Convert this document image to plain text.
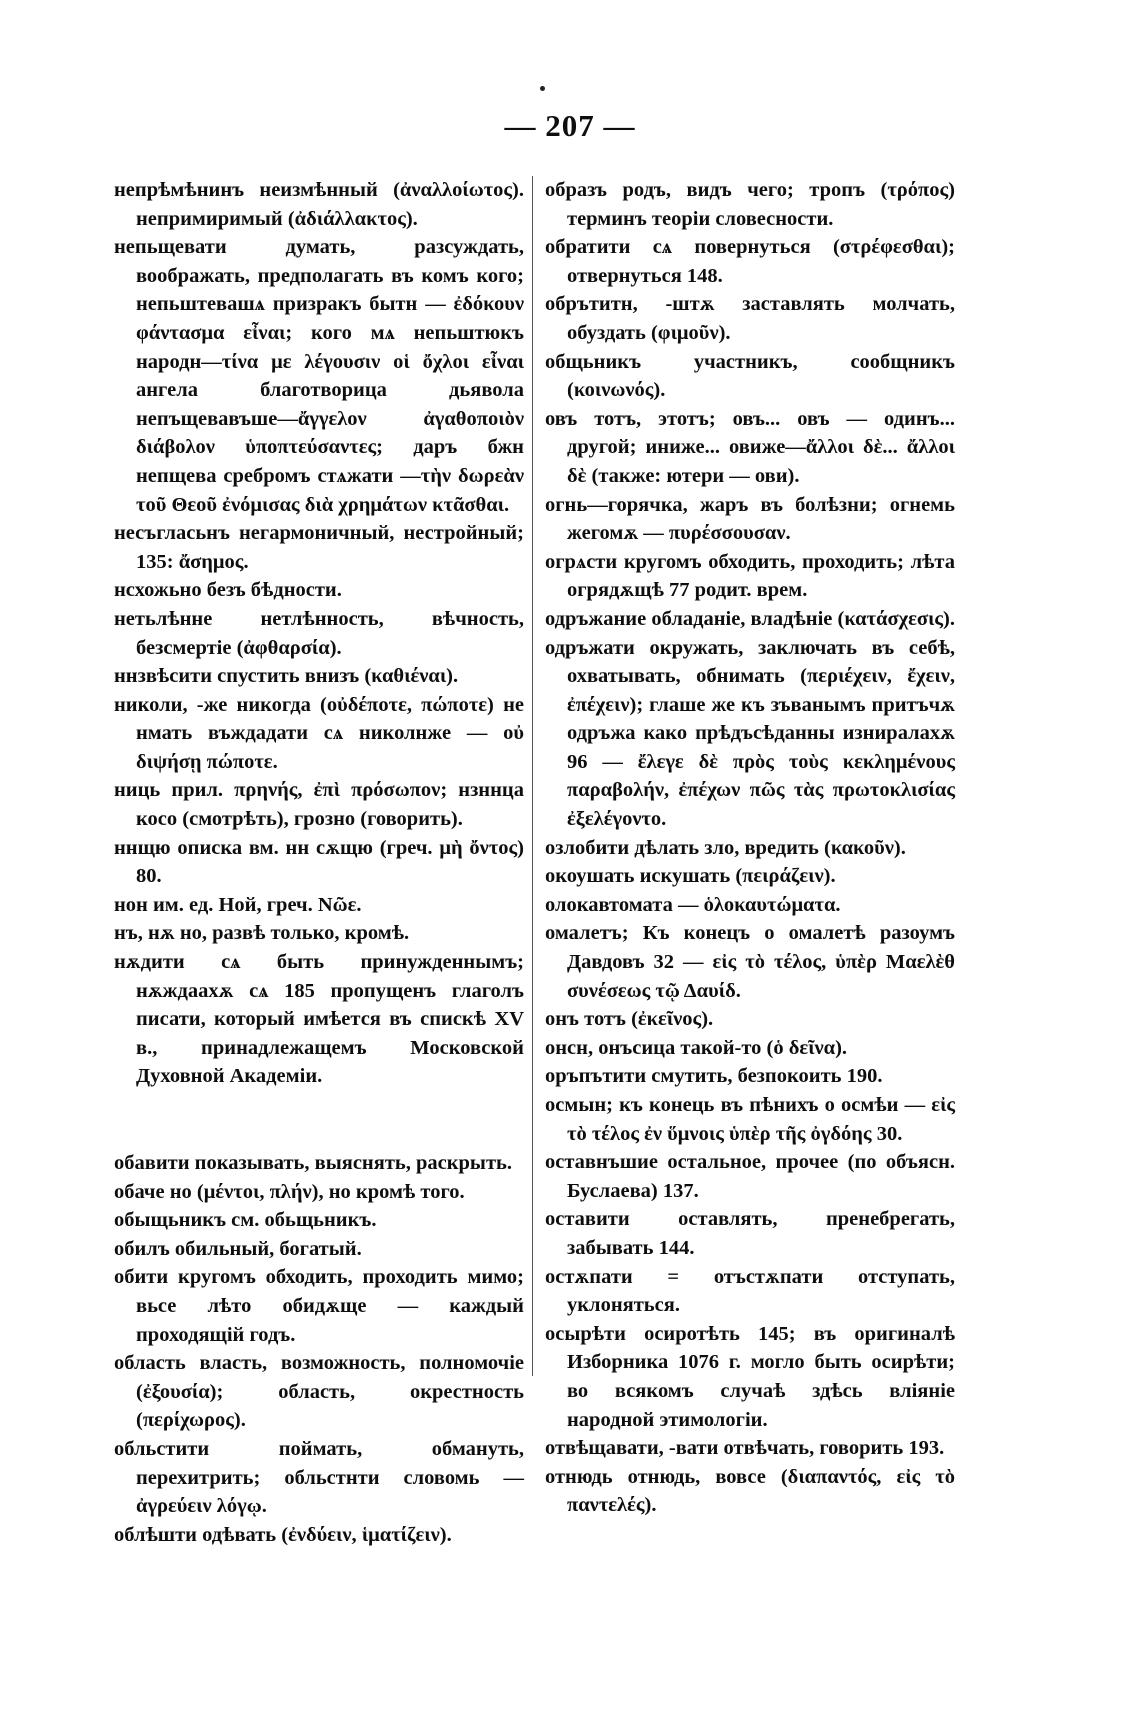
— 207 —

непрѣмѣнинъ неизмѣнный (ἀναλλοίωτος). непримиримый (ἀδιάλλακτος).

непьщевати думать, разсуждать, воображать, предполагать въ комъ кого; непьштевашѧ призракъ бытн — ἐδόκουν φάντασμα εἶναι; кого мѧ непьштюкъ народн—τίνα με λέγουσιν οἱ ὄχλοι εἶναι ангела благотворица дьявола непъщевавъше—ἄγγελον ἀγαθοποιὸν διάβολον ὑποπτεύσαντες; даръ бжн непщева сребромъ стѧжати —τὴν δωρεὰν τοῦ Θεοῦ ἐνόμισας διὰ χρημάτων κτᾶσθαι.

несъгласьнъ негармоничный, нестройный; 135: ἄσημος.

нсхожьно безъ бѣдности.

нетьлѣнне нетлѣнность, вѣчность, безсмертіе (ἀφθαρσία).

ннзвѣсити спустить внизъ (καθιέναι).

николи, -же никогда (οὐδέποτε, πώποτε) не нмать въждадати сѧ николнже — οὐ διψήσῃ πώποτε.

ниць прил. πρηνής, ἐπὶ πρόσωπον; нзннца косо (смотрѣть), грозно (говорить).

ннщю описка вм. нн сѫщю (греч. μὴ ὄντος) 80.

нон им. ед. Ной, греч. Νῶε.

нъ, нѫ но, развѣ только, кромѣ.

нѫдити сѧ быть принужденнымъ; нѫждаахѫ сѧ 185 пропущенъ глаголъ писати, который имѣется въ спискѣ XV в., принадлежащемъ Московской Духовной Академіи.

обавити показывать, выяснять, раскрыть.

обаче но (μέντοι, πλήν), но кромѣ того.

обыщьникъ см. обьщьникъ.

обилъ обильный, богатый.

обити кругомъ обходить, проходить мимо; вьсе лѣто обидѫще — каждый проходящій годъ.

область власть, возможность, полномочіе (ἐξουσία); область, окрестность (περίχωρος).

обльстити поймать, обмануть, перехитрить; обльстнти словомь — ἀγρεύειν λόγῳ.

облѣшти одѣвать (ἐνδύειν, ἱματίζειν).

образъ родъ, видъ чего; тропъ (τρόπος) терминъ теоріи словесности.

обратити сѧ повернуться (στρέφεσθαι); отвернуться 148.

обрътитн, -штѫ заставлять молчать, обуздать (φιμοῦν).

общьникъ участникъ, сообщникъ (κοινωνός).

овъ тотъ, этотъ; овъ... овъ — одинъ... другой; иниже... овиже—ἄλλοι δὲ... ἄλλοι δὲ (также: ютери — ови).

огнь—горячка, жаръ въ болѣзни; огнемь жегомѫ — πυρέσσουσαν.

огрѧсти кругомъ обходить, проходить; лѣта огрядѫщѣ 77 родит. врем.

одръжание обладаніе, владѣніе (κατάσχεσις).

одръжати окружать, заключать въ себѣ, охватывать, обнимать (περιέχειν, ἔχειν, ἐπέχειν); глаше же къ зъванымъ притъчѫ одръжа како прѣдъсѣданны изниралахѫ 96 — ἔλεγε δὲ πρὸς τοὺς κεκλημένους παραβολήν, ἐπέχων πῶς τὰς πρωτοκλισίας ἐξελέγοντο.

озлобити дѣлать зло, вредить (κακοῦν).

окоушать искушать (πειράζειν).

олокавтомата — ὁλοκαυτώματα.

омалетъ; Къ конецъ о омалетѣ разоумъ Давдовъ 32 — εἰς τὸ τέλος, ὑπὲρ Μαελὲθ συνέσεως τῷ Δαυίδ.

онъ тотъ (ἐκεῖνος).

онсн, онъсица такой-то (ὁ δεῖνα).

оръпътити смутить, безпокоить 190.

осмын; къ конець въ пѣнихъ о осмѣи — εἰς τὸ τέλος ἐν ὕμνοις ὑπὲρ τῆς ὀγδόης 30.

оставнъшие остальное, прочее (по объясн. Буслаева) 137.

оставити оставлять, пренебрегать, забывать 144.

остѫпати = отъстѫпати отступать, уклоняться.

осырѣти осиротѣть 145; въ оригиналѣ Изборника 1076 г. могло быть осирѣти; во всякомъ случаѣ здѣсь вліяніе народной этимологіи.

отвѣщавати, -вати отвѣчать, говорить 193.

отнюдь отнюдь, вовсе (διαπαντός, εἰς τὸ παντελές).
